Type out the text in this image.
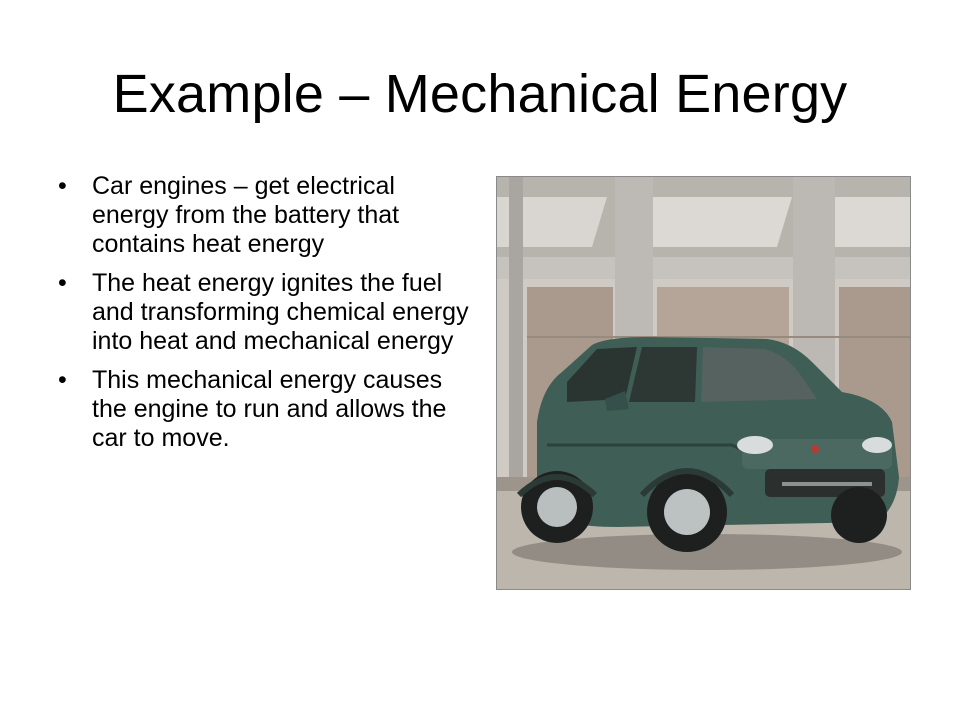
Example – Mechanical Energy
•	Car engines – get electrical energy from the battery that contains heat energy
•	The heat energy ignites the fuel and transforming chemical energy into heat and mechanical energy
•	This mechanical energy causes the engine to run and allows the car to move.
